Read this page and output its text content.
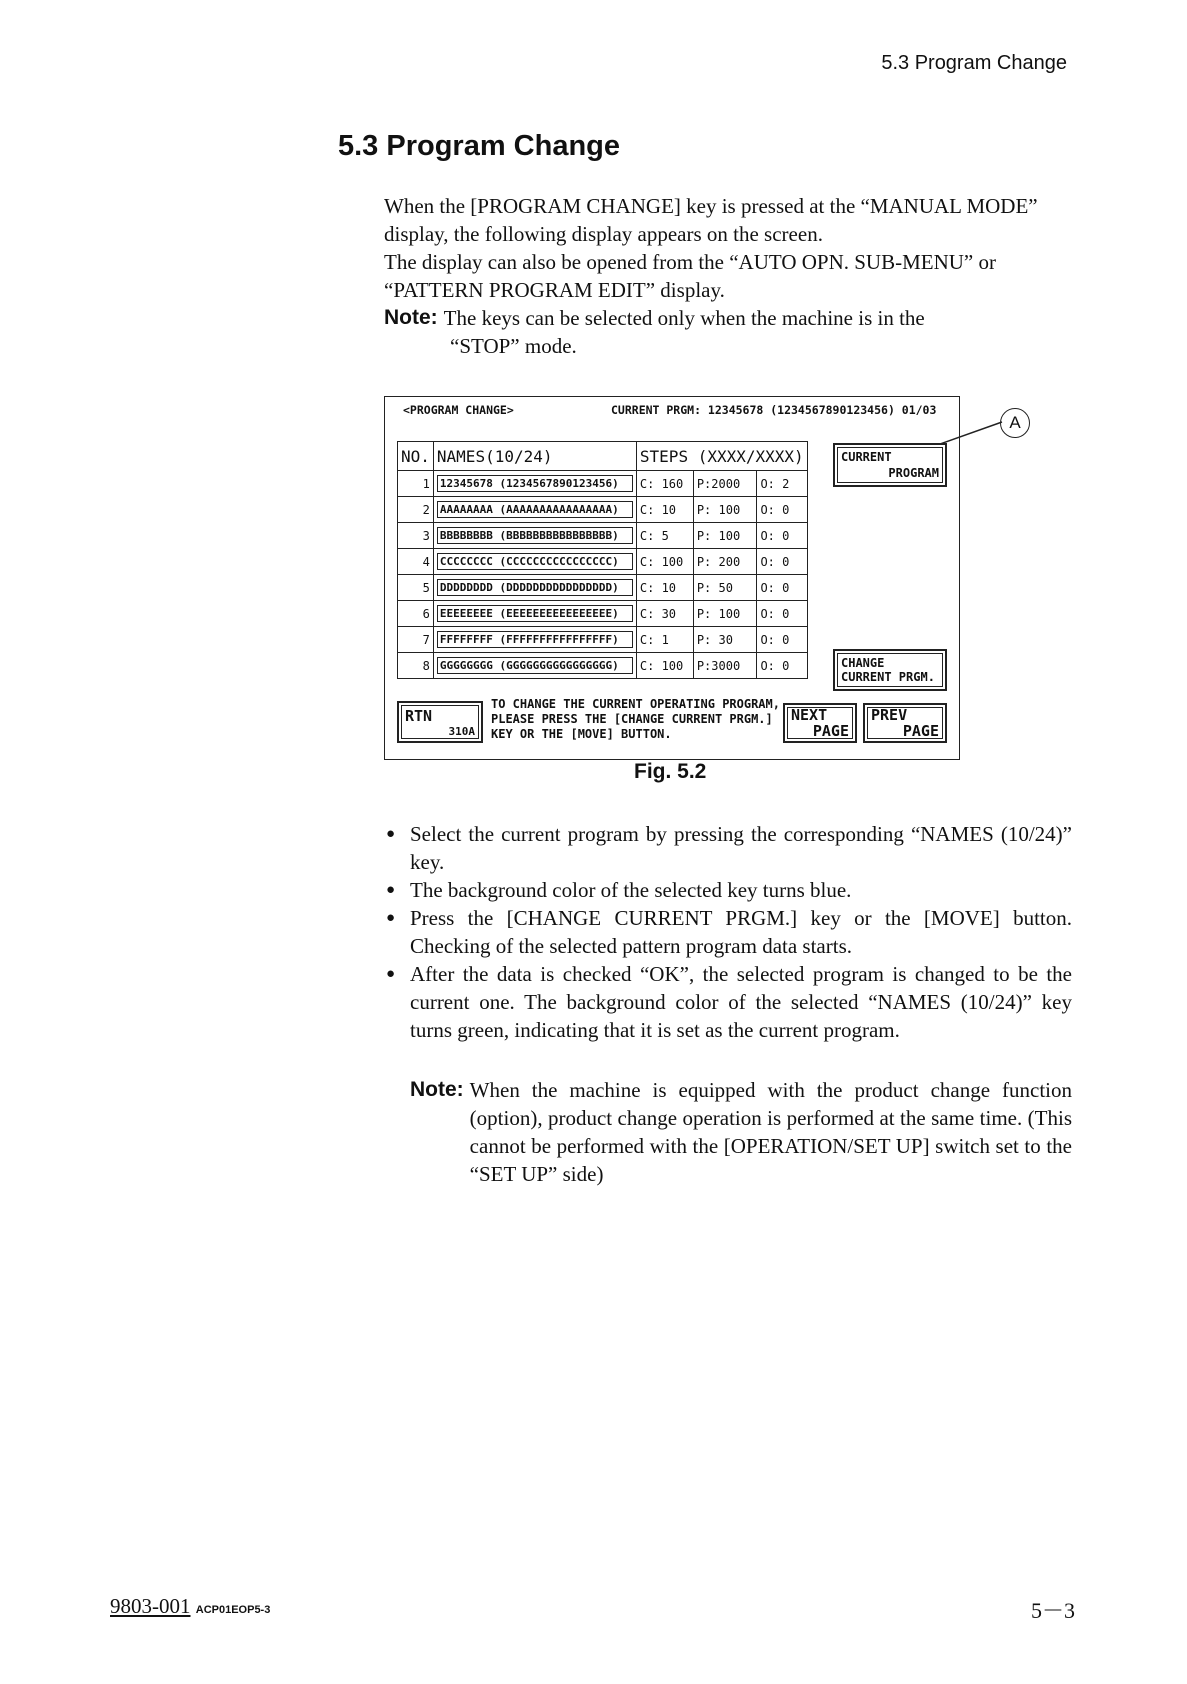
5.3 Program Change
5.3 Program Change

When the [PROGRAM CHANGE] key is pressed at the “MANUAL MODE” display, the following display appears on the screen.

The display can also be opened from the “AUTO OPN. SUB-MENU” or “PATTERN PROGRAM EDIT” display.

Note: The keys can be selected only when the machine is in the

“STOP” mode.

<PROGRAM CHANGE>	CURRENT PRGM: 12345678 (1234567890123456) 01/03
NO.	NAMES(10/24)	STEPS (XXXX/XXXX)		
1	12345678 (1234567890123456)	C: 160	P:2000	O: 2
2	AAAAAAAA (AAAAAAAAAAAAAAAA)	C: 10	P: 100	O: 0
3	BBBBBBBB (BBBBBBBBBBBBBBBB)	C: 5	P: 100	O: 0
4	CCCCCCCC (CCCCCCCCCCCCCCCC)	C: 100	P: 200	O: 0
5	DDDDDDDD (DDDDDDDDDDDDDDDD)	C: 10	P: 50	O: 0
6	EEEEEEEE (EEEEEEEEEEEEEEEE)	C: 30	P: 100	O: 0
7	FFFFFFFF (FFFFFFFFFFFFFFFF)	C: 1	P: 30	O: 0
8	GGGGGGGG (GGGGGGGGGGGGGGGG)	C: 100	P:3000	O: 0
CURRENT
PROGRAM
CHANGE
CURRENT PRGM.
RTN
310A
TO CHANGE THE CURRENT OPERATING PROGRAM,
PLEASE PRESS THE [CHANGE CURRENT PRGM.]
KEY OR THE [MOVE] BUTTON.
NEXT
PAGE
PREV
PAGE
A
Fig. 5.2
● Select the current program by pressing the corresponding “NAMES (10/24)” key.
● The background color of the selected key turns blue.
● Press the [CHANGE CURRENT PRGM.] key or the [MOVE] button. Checking of the selected pattern program data starts.
● After the data is checked “OK”, the selected program is changed to be the current one. The background color of the selected “NAMES (10/24)” key turns green, indicating that it is set as the current program.
Note: When the machine is equipped with the product change function (option), product change operation is performed at the same time. (This cannot be performed with the [OPERATION/SET UP] switch set to the “SET UP” side)
9803-001 ACP01EOP5-3	5－3
